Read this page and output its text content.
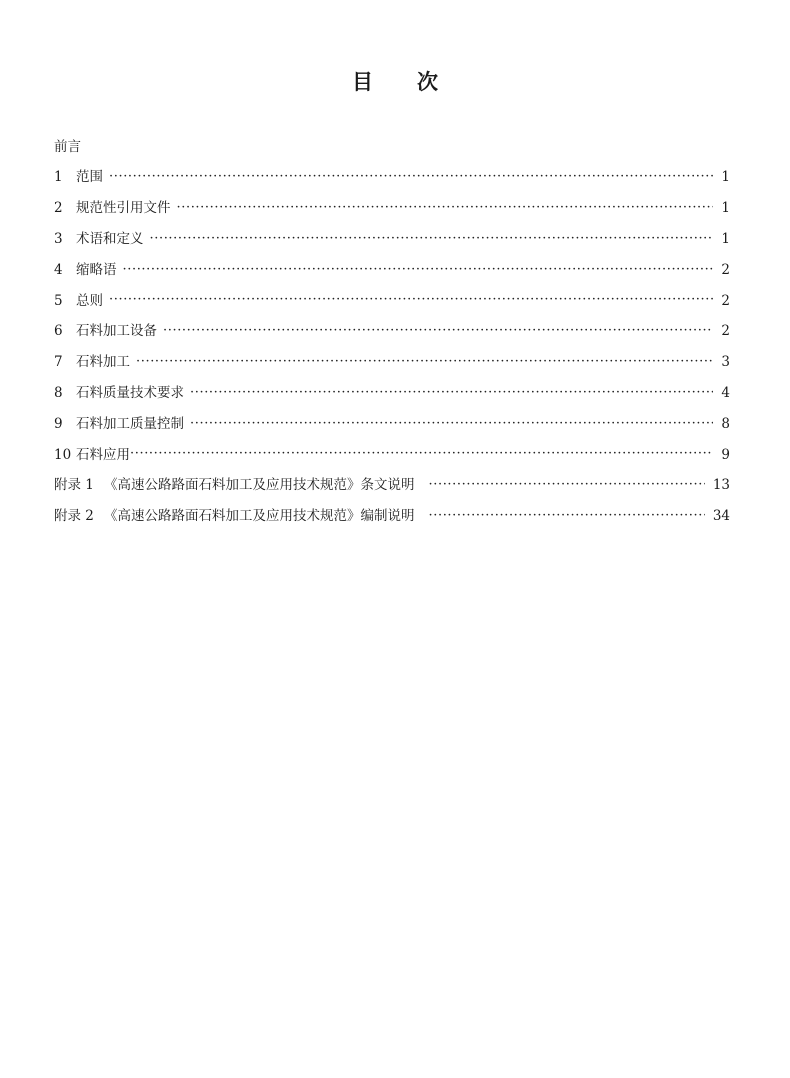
目 次
前言
1 范围 ·····	1
2 规范性引用文件 ·····	1
3 术语和定义 ·····	1
4 缩略语 ·····	2
5 总则 ·····	2
6 石料加工设备 ·····	2
7 石料加工 ·····	3
8 石料质量技术要求 ·····	4
9 石料加工质量控制 ·····	8
10 石料应用 ·····	9
附录 1 《高速公路路面石料加工及应用技术规范》条文说明 ·····	13
附录 2 《高速公路路面石料加工及应用技术规范》编制说明 ·····	34
